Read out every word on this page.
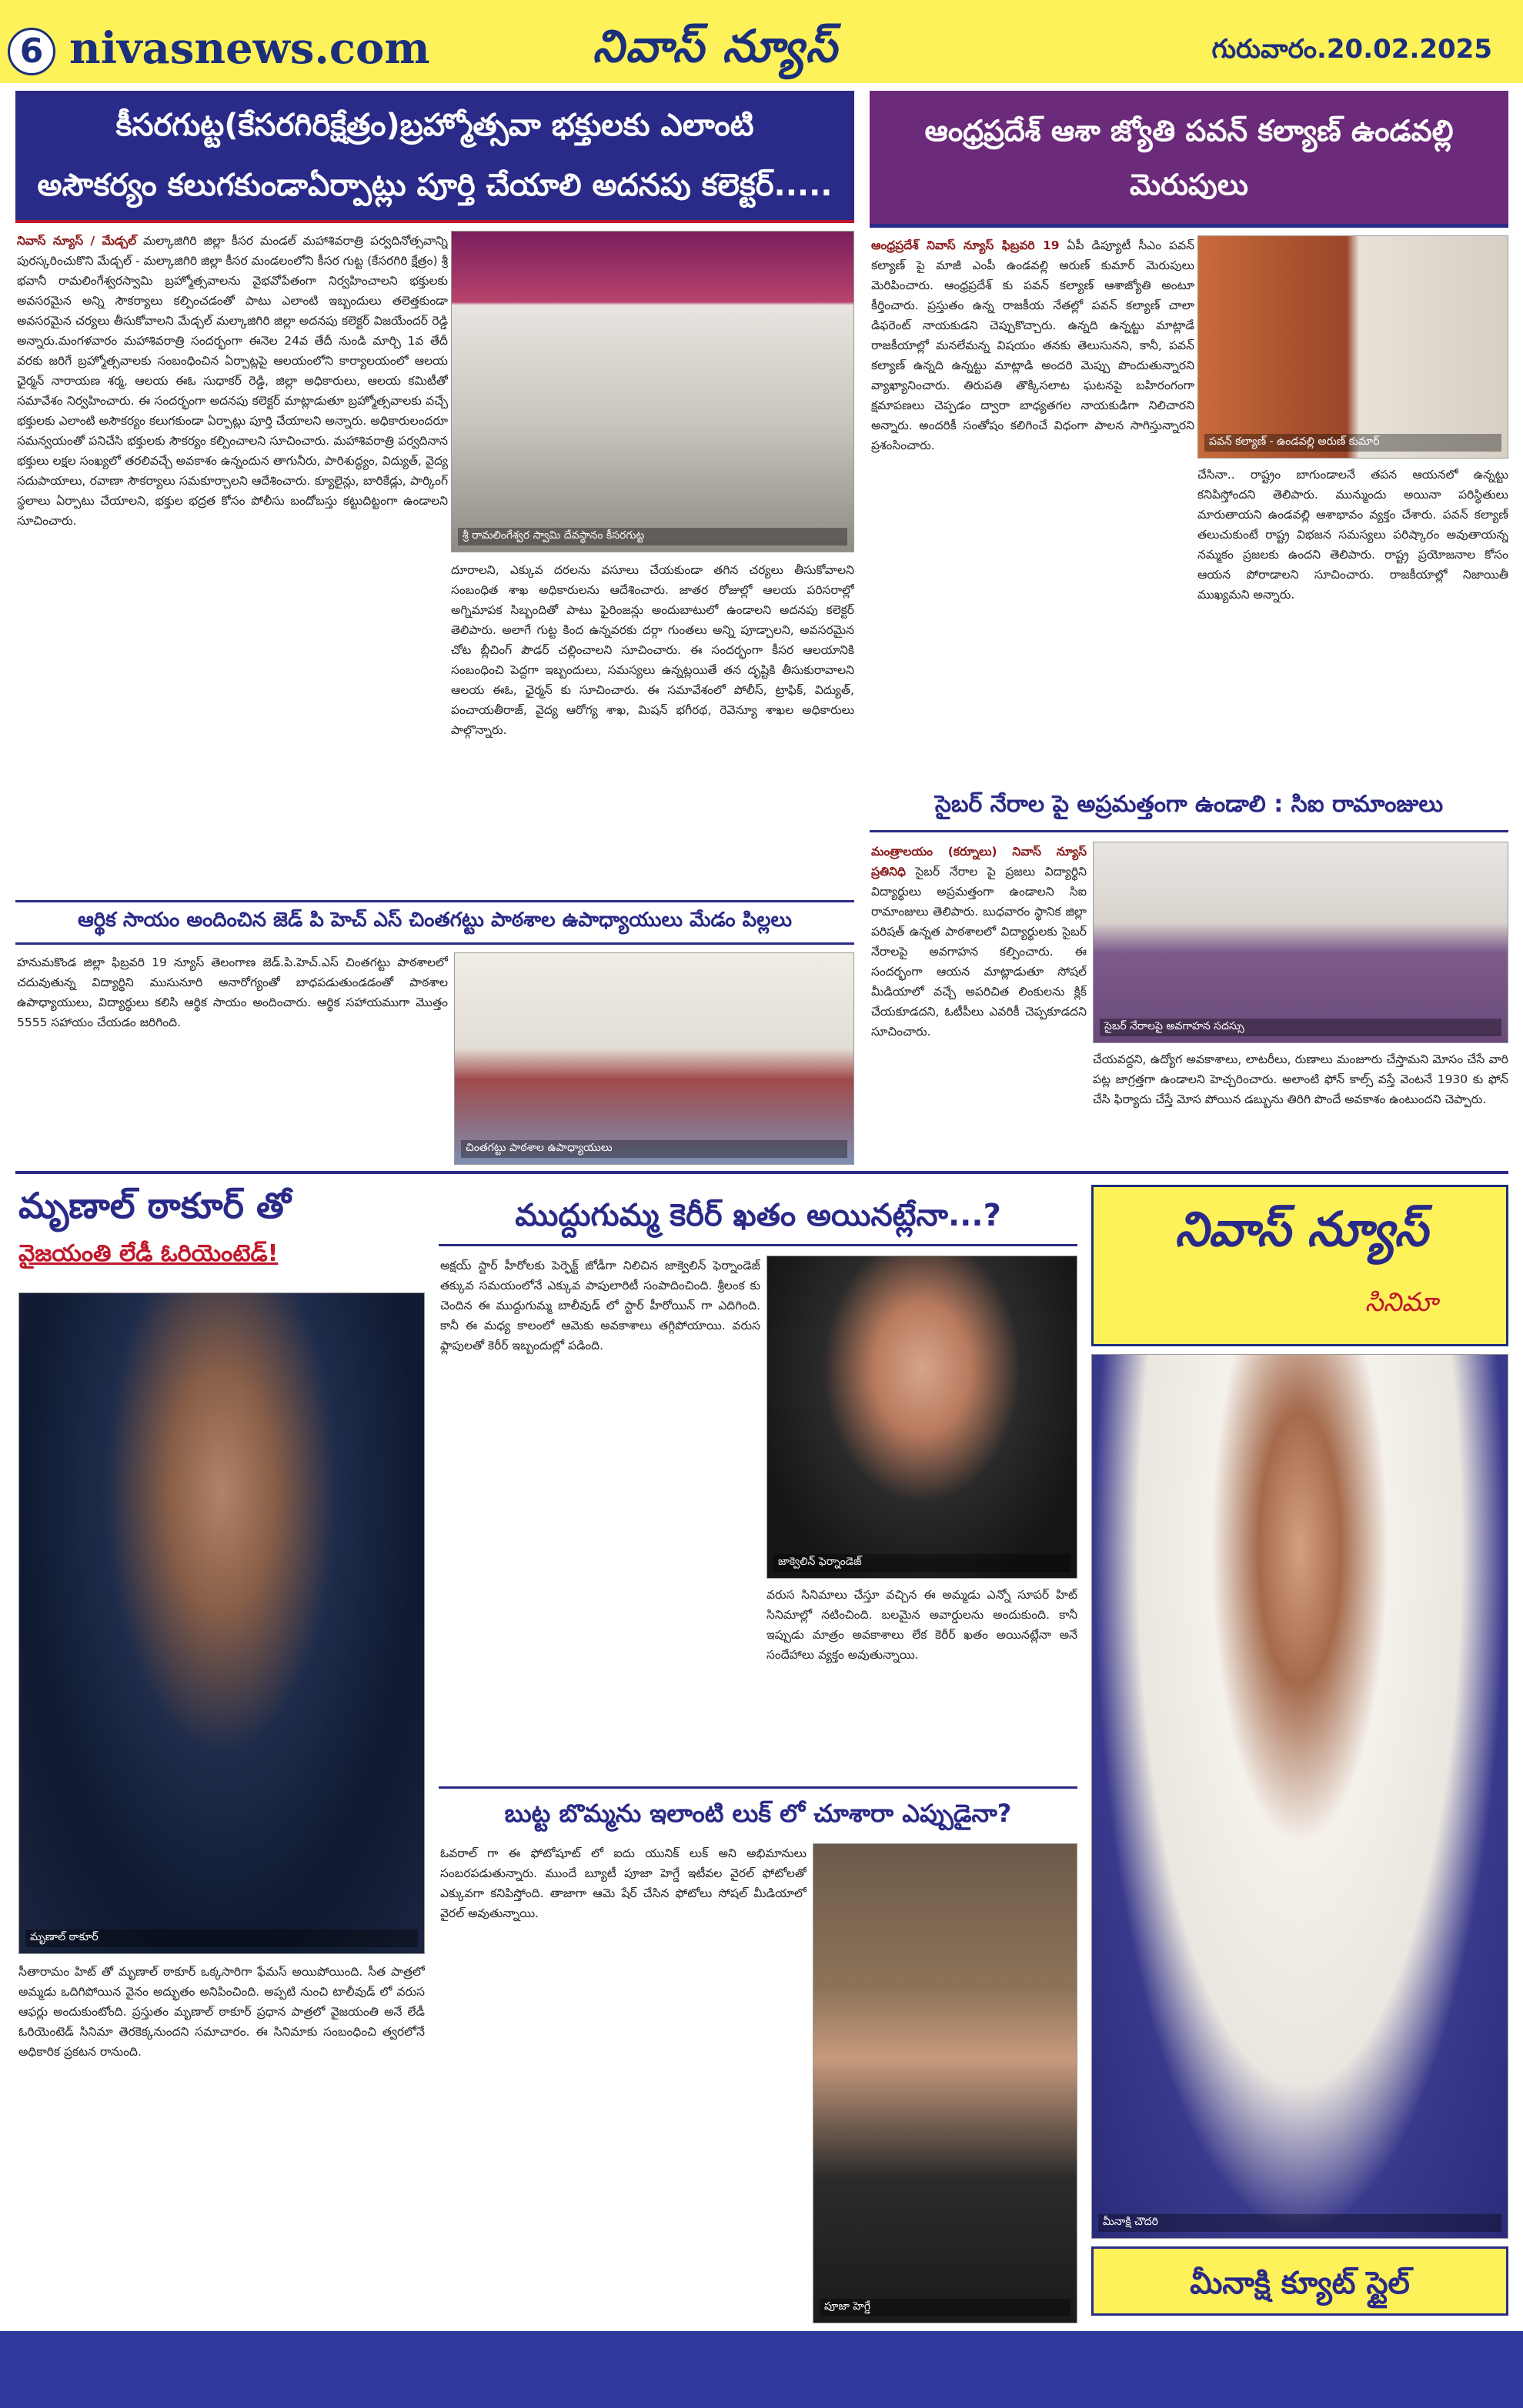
6 nivasnews.com	నివాస్ న్యూస్	గురువారం.20.02.2025
కీసరగుట్ట(కేసరగిరిక్షేత్రం)బ్రహ్మోత్సవా భక్తులకు ఎలాంటి
అసౌకర్యం కలుగకుండాఏర్పాట్లు పూర్తి చేయాలి అదనపు కలెక్టర్.....
నివాస్ న్యూస్ / మేడ్చల్ మల్కాజిగిరి జిల్లా కీసర మండల్ మహాశివరాత్రి పర్వదినోత్సవాన్ని పురస్కరించుకొని మేడ్చల్ - మల్కాజిగిరి జిల్లా కీసర మండలంలోని కీసర గుట్ట (కేసరగిరి క్షేత్రం) శ్రీ భవానీ రామలింగేశ్వరస్వామి బ్రహ్మోత్సవాలను వైభవోపేతంగా నిర్వహించాలని భక్తులకు అవసరమైన అన్ని సౌకర్యాలు కల్పించడంతో పాటు ఎలాంటి ఇబ్బందులు తలెత్తకుండా అవసరమైన చర్యలు తీసుకోవాలని మేడ్చల్ మల్కాజిగిరి జిల్లా అదనపు కలెక్టర్ విజయేందర్ రెడ్డి అన్నారు.మంగళవారం మహాశివరాత్రి సందర్భంగా ఈనెల 24వ తేదీ నుండి మార్చి 1వ తేదీ వరకు జరిగే బ్రహ్మోత్సవాలకు సంబంధించిన ఏర్పాట్లపై ఆలయంలోని కార్యాలయంలో ఆలయ ఛైర్మన్ నారాయణ శర్మ, ఆలయ ఈఓ సుధాకర్ రెడ్డి, జిల్లా అధికారులు, ఆలయ కమిటీతో సమావేశం నిర్వహించారు. ఈ సందర్భంగా అదనపు కలెక్టర్ మాట్లాడుతూ బ్రహ్మోత్సవాలకు వచ్చే భక్తులకు ఎలాంటి అసౌకర్యం కలుగకుండా ఏర్పాట్లు పూర్తి చేయాలని అన్నారు. అధికారులందరూ సమన్వయంతో పనిచేసి భక్తులకు సౌకర్యం కల్పించాలని సూచించారు. మహాశివరాత్రి పర్వదినాన భక్తులు లక్షల సంఖ్యలో తరలివచ్చే అవకాశం ఉన్నందున తాగునీరు, పారిశుద్ధ్యం, విద్యుత్, వైద్య సదుపాయాలు, రవాణా సౌకర్యాలు సమకూర్చాలని ఆదేశించారు. క్యూలైన్లు, బారికేడ్లు, పార్కింగ్ స్థలాలు ఏర్పాటు చేయాలని, భక్తుల భద్రత కోసం పోలీసు బందోబస్తు కట్టుదిట్టంగా ఉండాలని సూచించారు.
శ్రీ రామలింగేశ్వర స్వామి దేవస్థానం కీసరగుట్ట
దూరాలని, ఎక్కువ దరలను వసూలు చేయకుండా తగిన చర్యలు తీసుకోవాలని సంబంధిత శాఖ అధికారులను ఆదేశించారు. జాతర రోజుల్లో ఆలయ పరిసరాల్లో అగ్నిమాపక సిబ్బందితో పాటు ఫైరింజన్లు అందుబాటులో ఉండాలని అదనపు కలెక్టర్ తెలిపారు. అలాగే గుట్ట కింద ఉన్నవరకు దర్గా గుంతలు అన్ని పూడ్చాలని, అవసరమైన చోట బ్లీచింగ్ పౌడర్ చల్లించాలని సూచించారు. ఈ సందర్భంగా కీసర ఆలయానికి సంబంధించి పెద్దగా ఇబ్బందులు, సమస్యలు ఉన్నట్లయితే తన దృష్టికి తీసుకురావాలని ఆలయ ఈఓ, ఛైర్మన్ కు సూచించారు. ఈ సమావేశంలో పోలీస్, ట్రాఫిక్, విద్యుత్, పంచాయతీరాజ్, వైద్య ఆరోగ్య శాఖ, మిషన్ భగీరథ, రెవెన్యూ శాఖల అధికారులు పాల్గొన్నారు.
ఆంధ్రప్రదేశ్ ఆశా జ్యోతి పవన్ కల్యాణ్ ఉండవల్లి మెరుపులు
ఆంధ్రప్రదేశ్ నివాస్ న్యూస్ ఫిబ్రవరి 19 ఏపీ డిప్యూటీ సీఎం పవన్ కల్యాణ్ పై మాజీ ఎంపీ ఉండవల్లి అరుణ్ కుమార్ మెరుపులు మెరిపించారు. ఆంధ్రప్రదేశ్ కు పవన్ కల్యాణ్ ఆశాజ్యోతి అంటూ కీర్తించారు. ప్రస్తుతం ఉన్న రాజకీయ నేతల్లో పవన్ కల్యాణ్ చాలా డిఫరెంట్ నాయకుడని చెప్పుకొచ్చారు. ఉన్నది ఉన్నట్టు మాట్లాడే రాజకీయాల్లో మనలేమన్న విషయం తనకు తెలుసునని, కానీ, పవన్ కల్యాణ్ ఉన్నది ఉన్నట్టు మాట్లాడి అందరి మెప్పు పొందుతున్నారని వ్యాఖ్యానించారు. తిరుపతి తొక్కిసలాట ఘటనపై బహిరంగంగా క్షమాపణలు చెప్పడం ద్వారా బాధ్యతగల నాయకుడిగా నిలిచారని అన్నారు. అందరికీ సంతోషం కలిగించే విధంగా పాలన సాగిస్తున్నారని ప్రశంసించారు.	పవన్ కల్యాణ్ - ఉండవల్లి అరుణ్ కుమార్
చేసినా.. రాష్ట్రం బాగుండాలనే తపన ఆయనలో ఉన్నట్టు కనిపిస్తోందని తెలిపారు. మున్ముందు అయినా పరిస్థితులు మారుతాయని ఉండవల్లి ఆశాభావం వ్యక్తం చేశారు. పవన్ కల్యాణ్ తలుచుకుంటే రాష్ట్ర విభజన సమస్యలు పరిష్కారం అవుతాయన్న నమ్మకం ప్రజలకు ఉందని తెలిపారు. రాష్ట్ర ప్రయోజనాల కోసం ఆయన పోరాడాలని సూచించారు. రాజకీయాల్లో నిజాయితీ ముఖ్యమని అన్నారు.
సైబర్ నేరాల పై అప్రమత్తంగా ఉండాలి : సిఐ రామాంజులు
మంత్రాలయం (కర్నూలు) నివాస్ న్యూస్ ప్రతినిధి సైబర్ నేరాల పై ప్రజలు విద్యార్థిని విద్యార్థులు అప్రమత్తంగా ఉండాలని సిఐ రామాంజులు తెలిపారు. బుధవారం స్థానిక జిల్లా పరిషత్ ఉన్నత పాఠశాలలో విద్యార్థులకు సైబర్ నేరాలపై అవగాహన కల్పించారు. ఈ సందర్భంగా ఆయన మాట్లాడుతూ సోషల్ మీడియాలో వచ్చే అపరిచిత లింకులను క్లిక్ చేయకూడదని, ఓటీపీలు ఎవరికీ చెప్పకూడదని సూచించారు.	సైబర్ నేరాలపై అవగాహన సదస్సు
చేయవద్దని, ఉద్యోగ అవకాశాలు, లాటరీలు, రుణాలు మంజూరు చేస్తామని మోసం చేసే వారి పట్ల జాగ్రత్తగా ఉండాలని హెచ్చరించారు. అలాంటి ఫోన్ కాల్స్ వస్తే వెంటనే 1930 కు ఫోన్ చేసి ఫిర్యాదు చేస్తే మోస పోయిన డబ్బును తిరిగి పొందే అవకాశం ఉంటుందని చెప్పారు.
ఆర్థిక సాయం అందించిన జెడ్ పి హెచ్ ఎస్ చింతగట్టు పాఠశాల ఉపాధ్యాయులు మేడం పిల్లలు
హనుమకొండ జిల్లా ఫిబ్రవరి 19 న్యూస్ తెలంగాణ జెడ్.పి.హెచ్.ఎస్ చింతగట్టు పాఠశాలలో చదువుతున్న విద్యార్థిని ముసునూరి అనారోగ్యంతో బాధపడుతుండడంతో పాఠశాల ఉపాధ్యాయులు, విద్యార్థులు కలిసి ఆర్థిక సాయం అందించారు. ఆర్థిక సహాయముగా మొత్తం 5555 సహాయం చేయడం జరిగింది.
చింతగట్టు పాఠశాల ఉపాధ్యాయులు
మృణాల్ ఠాకూర్ తో
వైజయంతి లేడీ ఓరియెంటెడ్!
మృణాల్ ఠాకూర్
సీతారామం హిట్ తో మృణాల్ ఠాకూర్ ఒక్కసారిగా ఫేమస్ అయిపోయింది. సీత పాత్రలో అమ్మడు ఒదిగిపోయిన వైనం అద్భుతం అనిపించింది. అప్పటి నుంచి టాలీవుడ్ లో వరుస ఆఫర్లు అందుకుంటోంది. ప్రస్తుతం మృణాల్ ఠాకూర్ ప్రధాన పాత్రలో వైజయంతి అనే లేడీ ఓరియెంటెడ్ సినిమా తెరకెక్కనుందని సమాచారం. ఈ సినిమాకు సంబంధించి త్వరలోనే అధికారిక ప్రకటన రానుంది.
ముద్దుగుమ్మ కెరీర్ ఖతం అయినట్లేనా...?
అక్షయ్ స్టార్ హీరోలకు పెర్ఫెక్ట్ జోడీగా నిలిచిన జాక్వెలిన్ ఫెర్నాండెజ్ తక్కువ సమయంలోనే ఎక్కువ పాపులారిటీ సంపాదించింది. శ్రీలంక కు చెందిన ఈ ముద్దుగుమ్మ బాలీవుడ్ లో స్టార్ హీరోయిన్ గా ఎదిగింది. కానీ ఈ మధ్య కాలంలో ఆమెకు అవకాశాలు తగ్గిపోయాయి. వరుస ఫ్లాపులతో కెరీర్ ఇబ్బందుల్లో పడింది.
జాక్వెలిన్ ఫెర్నాండెజ్
వరుస సినిమాలు చేస్తూ వచ్చిన ఈ అమ్మడు ఎన్నో సూపర్ హిట్ సినిమాల్లో నటించింది. బలమైన అవార్డులను అందుకుంది. కానీ ఇప్పుడు మాత్రం అవకాశాలు లేక కెరీర్ ఖతం అయినట్లేనా అనే సందేహాలు వ్యక్తం అవుతున్నాయి.
బుట్ట బొమ్మను ఇలాంటి లుక్ లో చూశారా ఎప్పుడైనా?
ఓవరాల్ గా ఈ ఫోటోషూట్ లో ఐదు యునిక్ లుక్ అని అభిమానులు సంబరపడుతున్నారు. ముందే బ్యూటీ పూజా హెగ్డే ఇటీవల వైరల్ ఫోటోలతో ఎక్కువగా కనిపిస్తోంది. తాజాగా ఆమె షేర్ చేసిన ఫోటోలు సోషల్ మీడియాలో వైరల్ అవుతున్నాయి.
పూజా హెగ్డే
నివాస్ న్యూస్
సినిమా
మీనాక్షి చౌదరి
మీనాక్షి క్యూట్ స్టైల్
